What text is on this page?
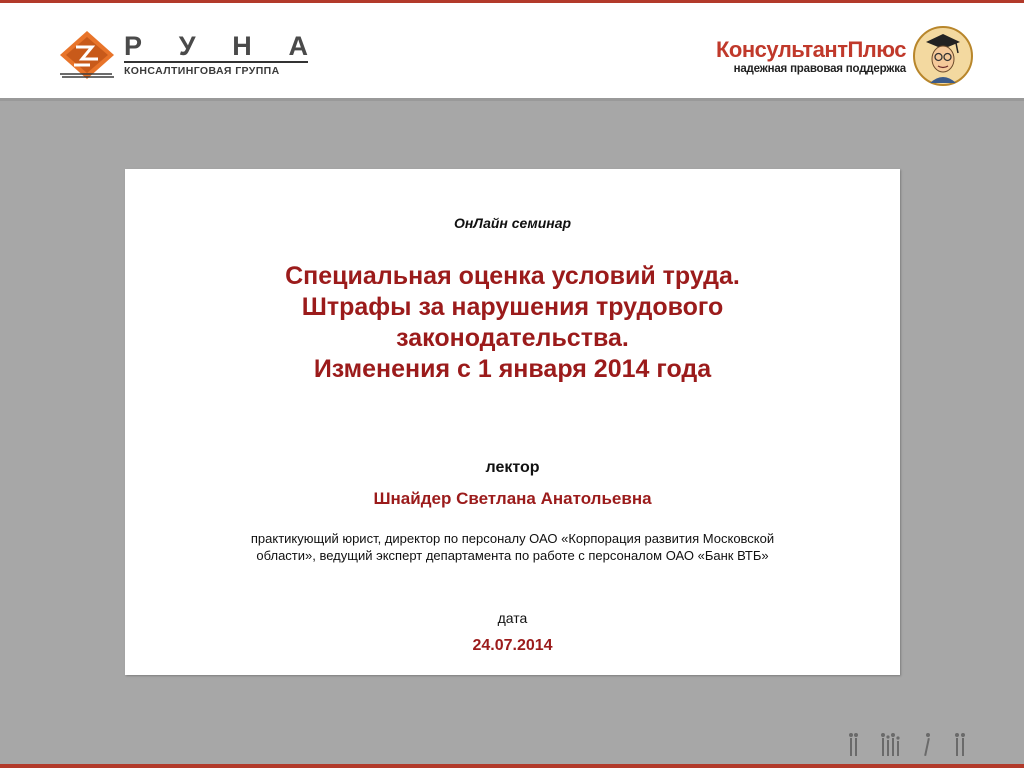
Р У Н А
КОНСАЛТИНГОВАЯ ГРУППА
КонсультантПлюс
надежная правовая поддержка
ОнЛайн семинар
Специальная оценка условий труда.
Штрафы за нарушения трудового
законодательства.
Изменения с 1 января 2014 года
лектор
Шнайдер Светлана Анатольевна
практикующий юрист, директор по персоналу ОАО «Корпорация развития Московской области», ведущий эксперт департамента по работе с персоналом ОАО «Банк ВТБ»
дата
24.07.2014
